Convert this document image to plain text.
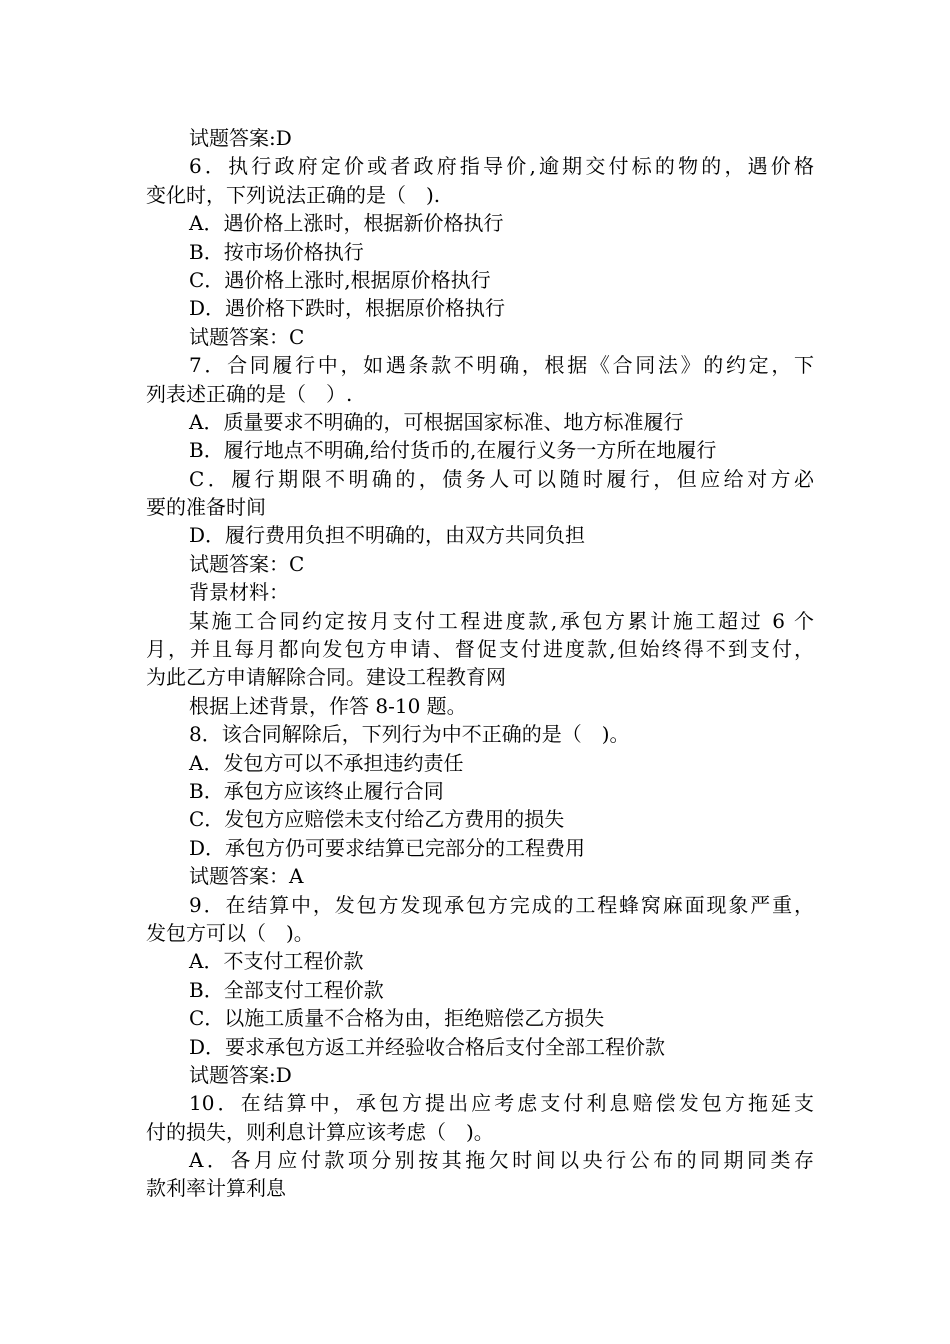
试题答案:D
6．执行政府定价或者政府指导价,逾期交付标的物的，遇价格
变化时，下列说法正确的是（　).
A．遇价格上涨时，根据新价格执行
B．按市场价格执行
C．遇价格上涨时,根据原价格执行
D．遇价格下跌时，根据原价格执行
试题答案：C
7．合同履行中，如遇条款不明确，根据《合同法》的约定，下
列表述正确的是（　）.
A．质量要求不明确的，可根据国家标准、地方标准履行
B．履行地点不明确,给付货币的,在履行义务一方所在地履行
C．履行期限不明确的，债务人可以随时履行，但应给对方必
要的准备时间
D．履行费用负担不明确的，由双方共同负担
试题答案：C
背景材料：
某施工合同约定按月支付工程进度款,承包方累计施工超过 6 个
月，并且每月都向发包方申请、督促支付进度款,但始终得不到支付，
为此乙方申请解除合同。建设工程教育网
根据上述背景，作答 8-10 题。
8．该合同解除后，下列行为中不正确的是（　)。
A．发包方可以不承担违约责任
B．承包方应该终止履行合同
C．发包方应赔偿未支付给乙方费用的损失
D．承包方仍可要求结算已完部分的工程费用
试题答案：A
9．在结算中，发包方发现承包方完成的工程蜂窝麻面现象严重，
发包方可以（　)。
A．不支付工程价款
B．全部支付工程价款
C．以施工质量不合格为由，拒绝赔偿乙方损失
D．要求承包方返工并经验收合格后支付全部工程价款
试题答案:D
10．在结算中，承包方提出应考虑支付利息赔偿发包方拖延支
付的损失，则利息计算应该考虑（　)。
A．各月应付款项分别按其拖欠时间以央行公布的同期同类存
款利率计算利息
